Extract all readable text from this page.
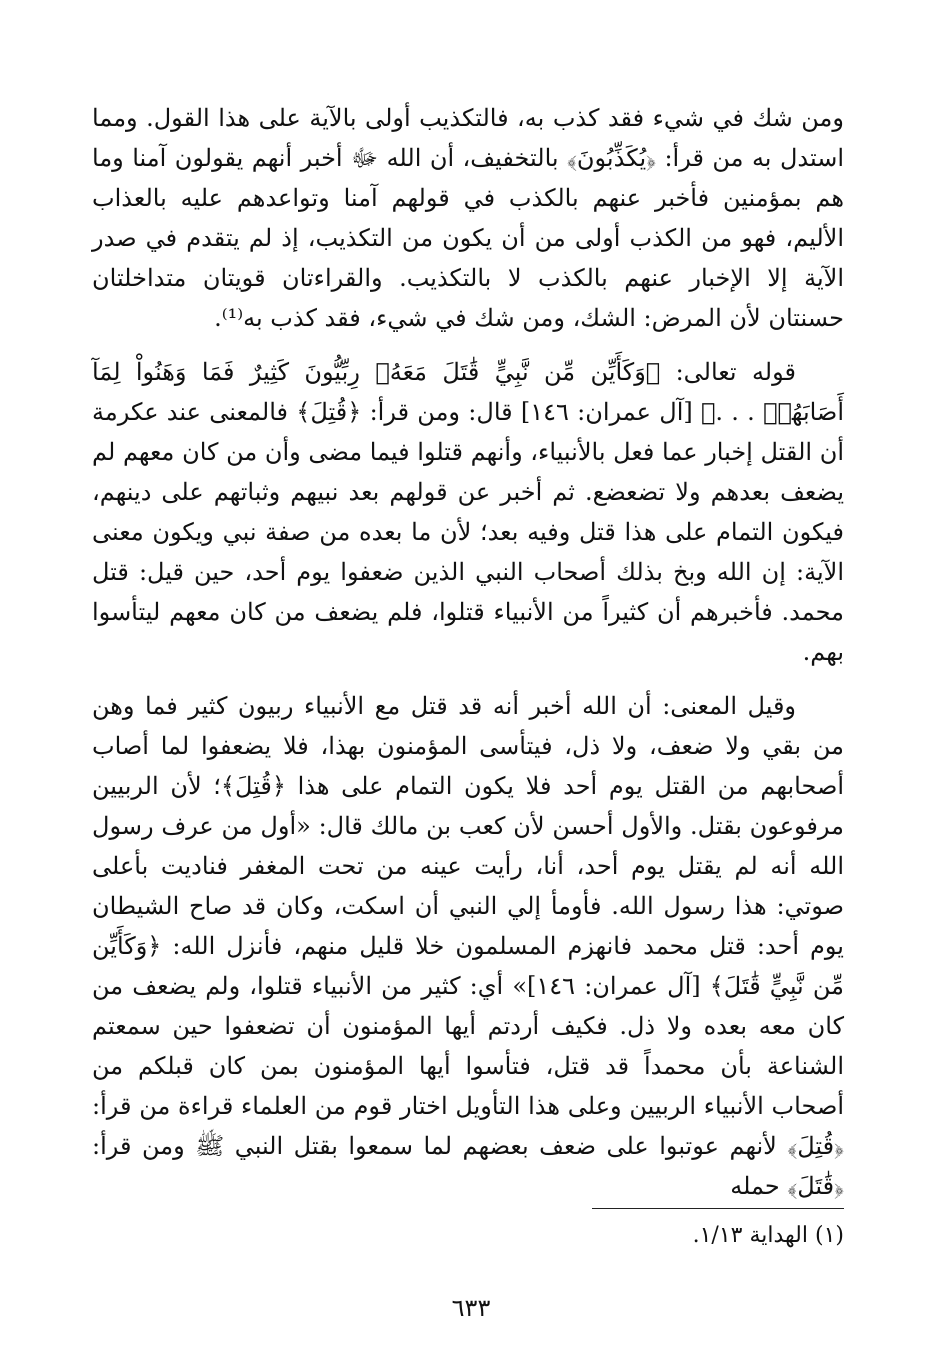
ومن شك في شيء فقد كذب به، فالتكذيب أولى بالآية على هذا القول. ومما استدل به من قرأ: ﴿يُكَذِّبُونَ﴾ بالتخفيف، أن الله ﷻ أخبر أنهم يقولون آمنا وما هم بمؤمنين فأخبر عنهم بالكذب في قولهم آمنا وتواعدهم عليه بالعذاب الأليم، فهو من الكذب أولى من أن يكون من التكذيب، إذ لم يتقدم في صدر الآية إلا الإخبار عنهم بالكذب لا بالتكذيب. والقراءتان قويتان متداخلتان حسنتان لأن المرض: الشك، ومن شك في شيء، فقد كذب به⁽¹⁾.

قوله تعالى: ﴿وَكَأَيِّن مِّن نَّبِيٍّ قَٰتَلَ مَعَهُۥ رِبِّيُّونَ كَثِيرٌ فَمَا وَهَنُواْ لِمَآ أَصَابَهُمۡ . . .﴾ [آل عمران: ١٤٦] قال: ومن قرأ: ﴿قُتِلَ﴾ فالمعنى عند عكرمة أن القتل إخبار عما فعل بالأنبياء، وأنهم قتلوا فيما مضى وأن من كان معهم لم يضعف بعدهم ولا تضعضع. ثم أخبر عن قولهم بعد نبيهم وثباتهم على دينهم، فيكون التمام على هذا قتل وفيه بعد؛ لأن ما بعده من صفة نبي ويكون معنى الآية: إن الله وبخ بذلك أصحاب النبي الذين ضعفوا يوم أحد، حين قيل: قتل محمد. فأخبرهم أن كثيراً من الأنبياء قتلوا، فلم يضعف من كان معهم ليتأسوا بهم.

وقيل المعنى: أن الله أخبر أنه قد قتل مع الأنبياء ربيون كثير فما وهن من بقي ولا ضعف، ولا ذل، فيتأسى المؤمنون بهذا، فلا يضعفوا لما أصاب أصحابهم من القتل يوم أحد فلا يكون التمام على هذا ﴿قُتِلَ﴾؛ لأن الربيين مرفوعون بقتل. والأول أحسن لأن كعب بن مالك قال: «أول من عرف رسول الله أنه لم يقتل يوم أحد، أنا، رأيت عينه من تحت المغفر فناديت بأعلى صوتي: هذا رسول الله. فأومأ إلي النبي أن اسكت، وكان قد صاح الشيطان يوم أحد: قتل محمد فانهزم المسلمون خلا قليل منهم، فأنزل الله: ﴿وَكَأَيِّن مِّن نَّبِيٍّ قَٰتَلَ﴾ [آل عمران: ١٤٦]» أي: كثير من الأنبياء قتلوا، ولم يضعف من كان معه بعده ولا ذل. فكيف أردتم أيها المؤمنون أن تضعفوا حين سمعتم الشناعة بأن محمداً قد قتل، فتأسوا أيها المؤمنون بمن كان قبلكم من أصحاب الأنبياء الربيين وعلى هذا التأويل اختار قوم من العلماء قراءة من قرأ: ﴿قُتِلَ﴾ لأنهم عوتبوا على ضعف بعضهم لما سمعوا بقتل النبي ﷺ ومن قرأ: ﴿قَٰتَلَ﴾ حمله

(١) الهداية ١/١٣.
٦٣٣
